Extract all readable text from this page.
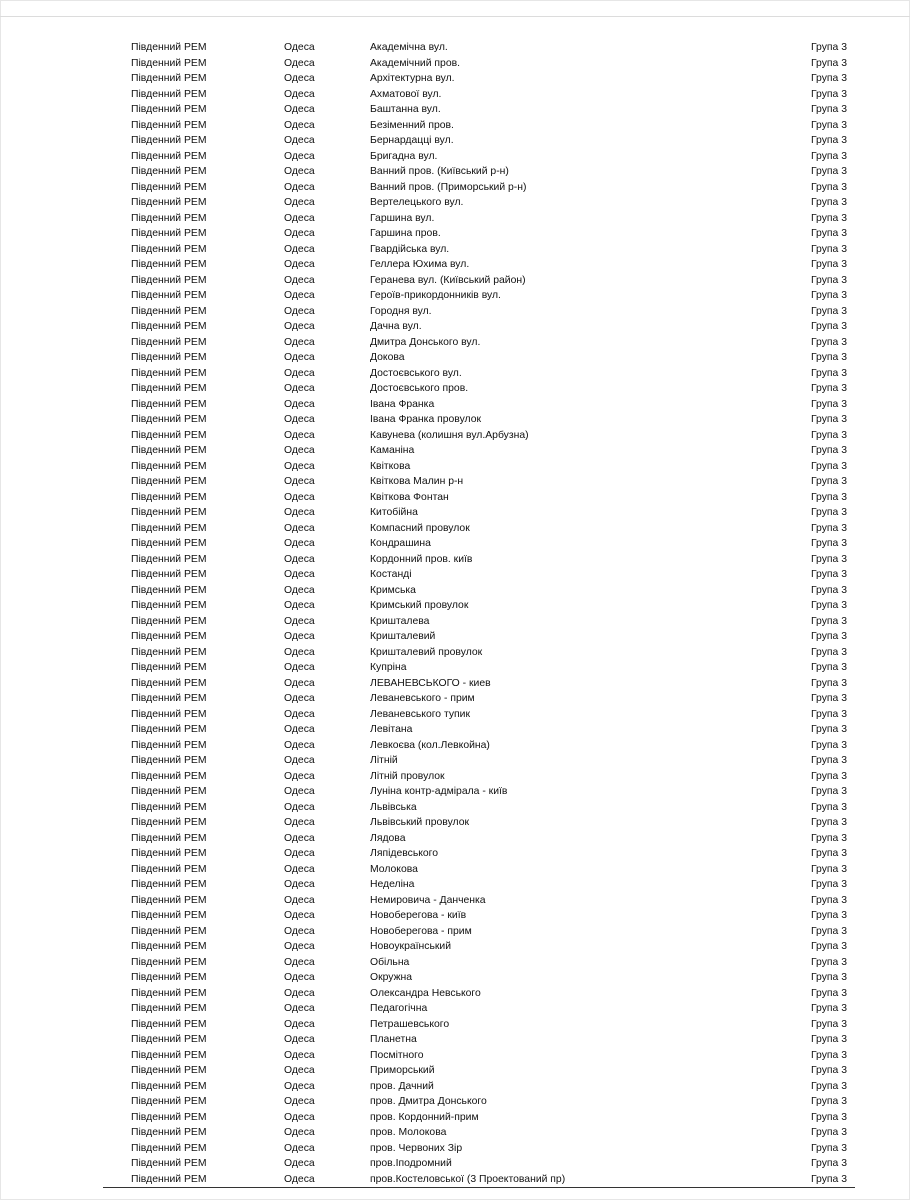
Південний РЕМ	Одеса	Академічна вул.	Група 3
Південний РЕМ	Одеса	Академічний пров.	Група 3
Південний РЕМ	Одеса	Архітектурна вул.	Група 3
Південний РЕМ	Одеса	Ахматової вул.	Група 3
Південний РЕМ	Одеса	Баштанна вул.	Група 3
Південний РЕМ	Одеса	Безіменний пров.	Група 3
Південний РЕМ	Одеса	Бернардацці вул.	Група 3
Південний РЕМ	Одеса	Бригадна вул.	Група 3
Південний РЕМ	Одеса	Ванний пров. (Київський р-н)	Група 3
Південний РЕМ	Одеса	Ванний пров. (Приморський р-н)	Група 3
Південний РЕМ	Одеса	Вертелецького вул.	Група 3
Південний РЕМ	Одеса	Гаршина вул.	Група 3
Південний РЕМ	Одеса	Гаршина пров.	Група 3
Південний РЕМ	Одеса	Гвардійська вул.	Група 3
Південний РЕМ	Одеса	Геллера Юхима вул.	Група 3
Південний РЕМ	Одеса	Геранева вул. (Київський район)	Група 3
Південний РЕМ	Одеса	Героїв-прикордонників вул.	Група 3
Південний РЕМ	Одеса	Городня вул.	Група 3
Південний РЕМ	Одеса	Дачна вул.	Група 3
Південний РЕМ	Одеса	Дмитра Донського вул.	Група 3
Південний РЕМ	Одеса	Докова	Група 3
Південний РЕМ	Одеса	Достоєвського вул.	Група 3
Південний РЕМ	Одеса	Достоєвського пров.	Група 3
Південний РЕМ	Одеса	Івана Франка	Група 3
Південний РЕМ	Одеса	Івана Франка провулок	Група 3
Південний РЕМ	Одеса	Кавунева (колишня вул.Арбузна)	Група 3
Південний РЕМ	Одеса	Каманіна	Група 3
Південний РЕМ	Одеса	Квіткова	Група 3
Південний РЕМ	Одеса	Квіткова Малин р-н	Група 3
Південний РЕМ	Одеса	Квіткова Фонтан	Група 3
Південний РЕМ	Одеса	Китобійна	Група 3
Південний РЕМ	Одеса	Компасний провулок	Група 3
Південний РЕМ	Одеса	Кондрашина	Група 3
Південний РЕМ	Одеса	Кордонний пров. київ	Група 3
Південний РЕМ	Одеса	Костанді	Група 3
Південний РЕМ	Одеса	Кримська	Група 3
Південний РЕМ	Одеса	Кримський провулок	Група 3
Південний РЕМ	Одеса	Кришталева	Група 3
Південний РЕМ	Одеса	Кришталевий	Група 3
Південний РЕМ	Одеса	Кришталевий провулок	Група 3
Південний РЕМ	Одеса	Купріна	Група 3
Південний РЕМ	Одеса	ЛЕВАНЕВСЬКОГО - киев	Група 3
Південний РЕМ	Одеса	Леваневського - прим	Група 3
Південний РЕМ	Одеса	Леваневського тупик	Група 3
Південний РЕМ	Одеса	Левітана	Група 3
Південний РЕМ	Одеса	Левкоєва (кол.Левкойна)	Група 3
Південний РЕМ	Одеса	Літній	Група 3
Південний РЕМ	Одеса	Літній провулок	Група 3
Південний РЕМ	Одеса	Луніна контр-адмірала - київ	Група 3
Південний РЕМ	Одеса	Львівська	Група 3
Південний РЕМ	Одеса	Львівський провулок	Група 3
Південний РЕМ	Одеса	Лядова	Група 3
Південний РЕМ	Одеса	Ляпідевського	Група 3
Південний РЕМ	Одеса	Молокова	Група 3
Південний РЕМ	Одеса	Неделіна	Група 3
Південний РЕМ	Одеса	Немировича - Данченка	Група 3
Південний РЕМ	Одеса	Новоберегова - київ	Група 3
Південний РЕМ	Одеса	Новоберегова - прим	Група 3
Південний РЕМ	Одеса	Новоукраїнський	Група 3
Південний РЕМ	Одеса	Обільна	Група 3
Південний РЕМ	Одеса	Окружна	Група 3
Південний РЕМ	Одеса	Олександра Невського	Група 3
Південний РЕМ	Одеса	Педагогічна	Група 3
Південний РЕМ	Одеса	Петрашевського	Група 3
Південний РЕМ	Одеса	Планетна	Група 3
Південний РЕМ	Одеса	Посмітного	Група 3
Південний РЕМ	Одеса	Приморський	Група 3
Південний РЕМ	Одеса	пров. Дачний	Група 3
Південний РЕМ	Одеса	пров. Дмитра Донського	Група 3
Південний РЕМ	Одеса	пров. Кордонний-прим	Група 3
Південний РЕМ	Одеса	пров. Молокова	Група 3
Південний РЕМ	Одеса	пров. Червоних Зір	Група 3
Південний РЕМ	Одеса	пров.Іподромний	Група 3
Південний РЕМ	Одеса	пров.Костеловської (3 Проектований пр)	Група 3
